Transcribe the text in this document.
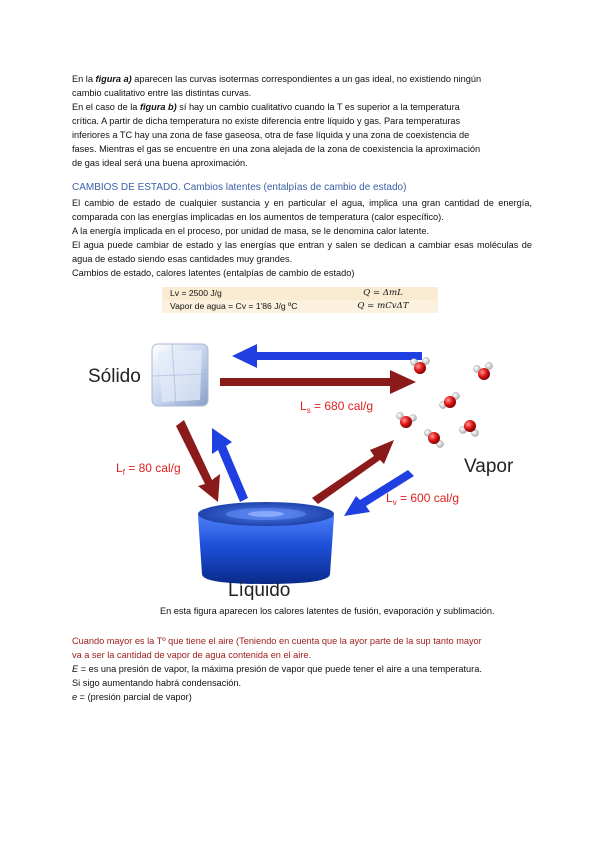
En la figura a) aparecen las curvas isotermas correspondientes a un gas ideal, no existiendo ningún
cambio cualitativo entre las distintas curvas.
En el caso de la figura b) sí hay un cambio cualitativo cuando la T es superior a la temperatura
crítica. A partir de dicha temperatura no existe diferencia entre líquido y gas. Para temperaturas
inferiores a TC hay una zona de fase gaseosa, otra de fase líquida y una zona de coexistencia de
fases. Mientras el gas se encuentre en una zona alejada de la zona de coexistencia la aproximación
de gas ideal será una buena aproximación.
CAMBIOS DE ESTADO. Cambios latentes (entalpías de cambio de estado)
El cambio de estado de cualquier sustancia y en particular el agua, implica una gran cantidad de energía, comparada con las energías implicadas en los aumentos de temperatura (calor específico).
A la energía implicada en el proceso, por unidad de masa, se le denomina calor latente.
El agua puede cambiar de estado y las energías que entran y salen se dedican a cambiar esas moléculas de agua de estado siendo esas cantidades muy grandes.
Cambios de estado, calores latentes (entalpías de cambio de estado)
Lv = 2500 J/g	Q = ΔmL
Vapor de agua = Cv = 1'86 J/g ºC	Q = mCvΔT
Sólido
Vapor
Líquido
$L_s = 680$ cal/g
$L_f = 80$ cal/g
$L_v = 600$ cal/g
En esta figura aparecen los calores latentes de fusión, evaporación y sublimación.
Cuando mayor es la Tº que tiene el aire (Teniendo en cuenta que la ayor parte de la sup tanto mayor
va a ser la cantidad de vapor de agua contenida en el aire.
E = es una presión de vapor, la máxima presión de vapor que puede tener el aire a una temperatura.
Si sigo aumentando habrá condensación.
e = (presión parcial de vapor)
